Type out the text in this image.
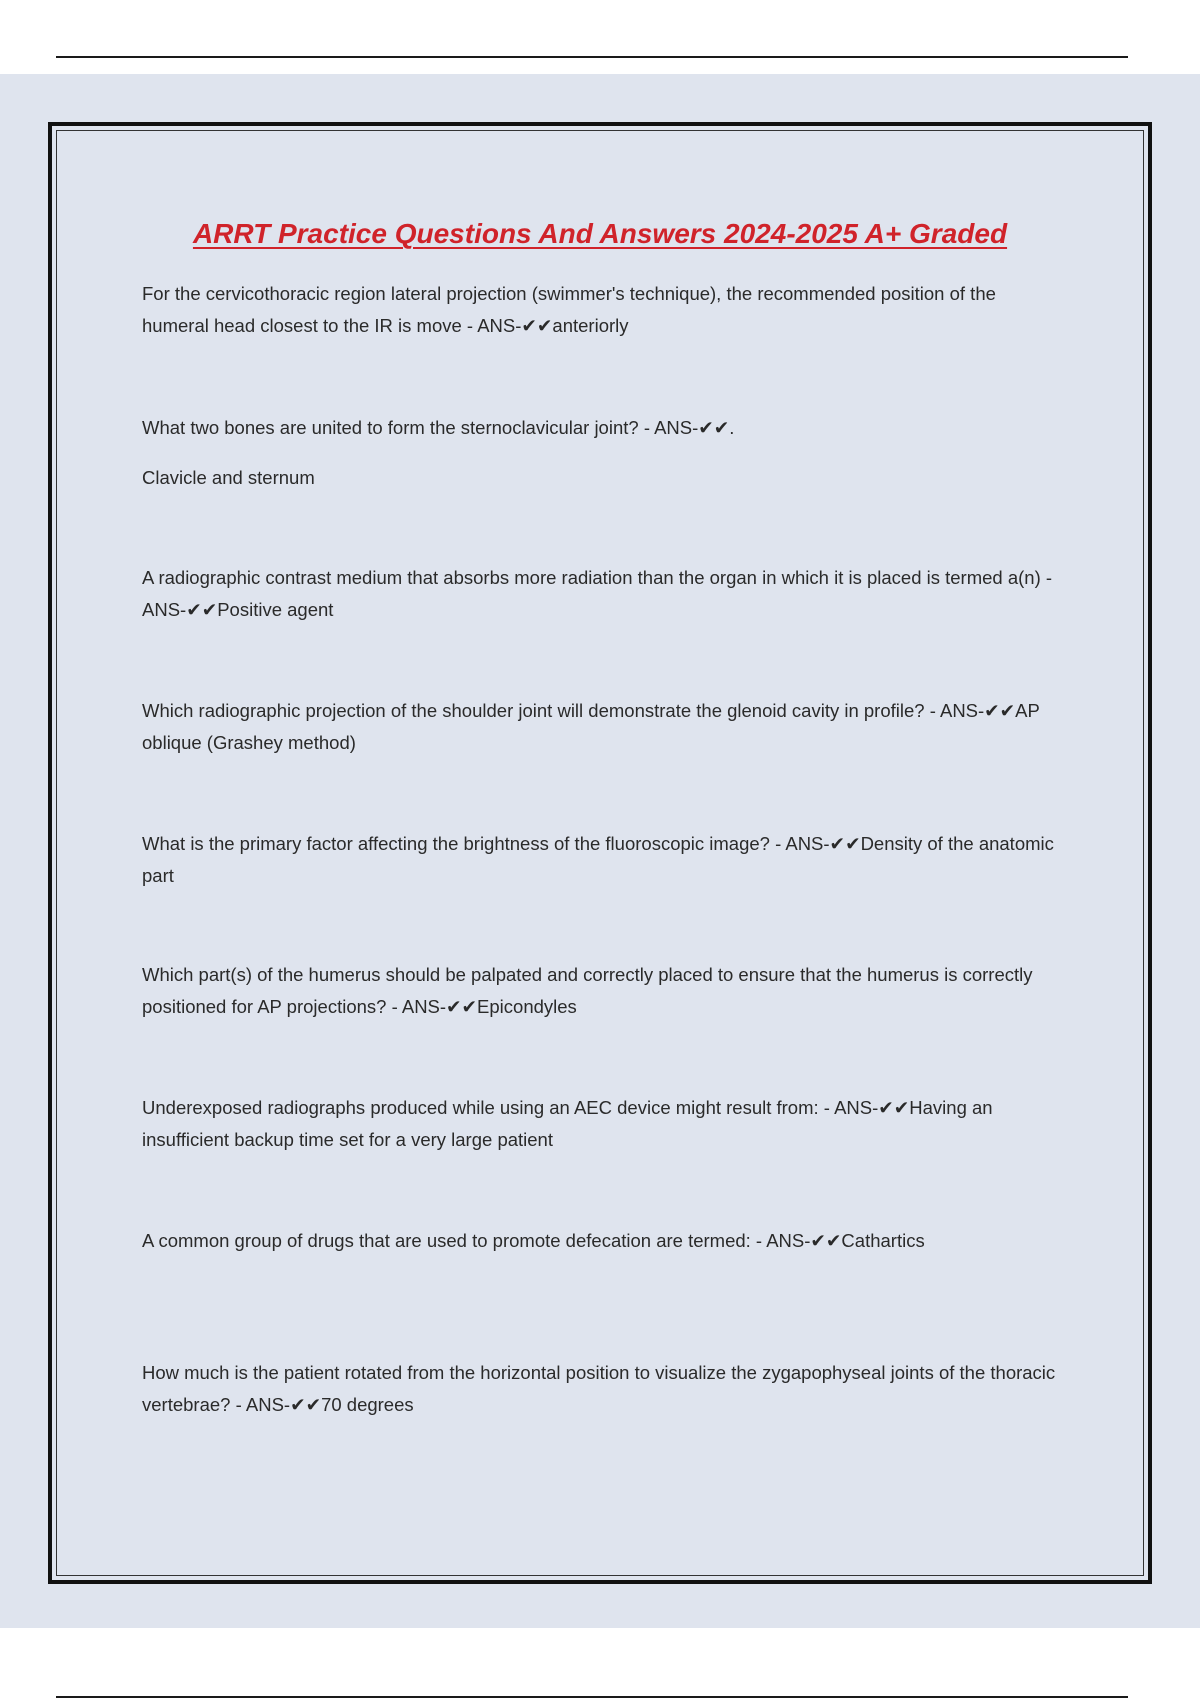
ARRT Practice Questions And Answers 2024-2025 A+ Graded

For the cervicothoracic region lateral projection (swimmer's technique), the recommended position of the humeral head closest to the IR is move - ANS-✔✔anteriorly

What two bones are united to form the sternoclavicular joint? - ANS-✔✔.

Clavicle and sternum

A radiographic contrast medium that absorbs more radiation than the organ in which it is placed is termed a(n) - ANS-✔✔Positive agent

Which radiographic projection of the shoulder joint will demonstrate the glenoid cavity in profile? - ANS-✔✔AP oblique (Grashey method)

What is the primary factor affecting the brightness of the fluoroscopic image? - ANS-✔✔Density of the anatomic part

Which part(s) of the humerus should be palpated and correctly placed to ensure that the humerus is correctly positioned for AP projections? - ANS-✔✔Epicondyles

Underexposed radiographs produced while using an AEC device might result from: - ANS-✔✔Having an insufficient backup time set for a very large patient

A common group of drugs that are used to promote defecation are termed: - ANS-✔✔Cathartics

How much is the patient rotated from the horizontal position to visualize the zygapophyseal joints of the thoracic vertebrae? - ANS-✔✔70 degrees
